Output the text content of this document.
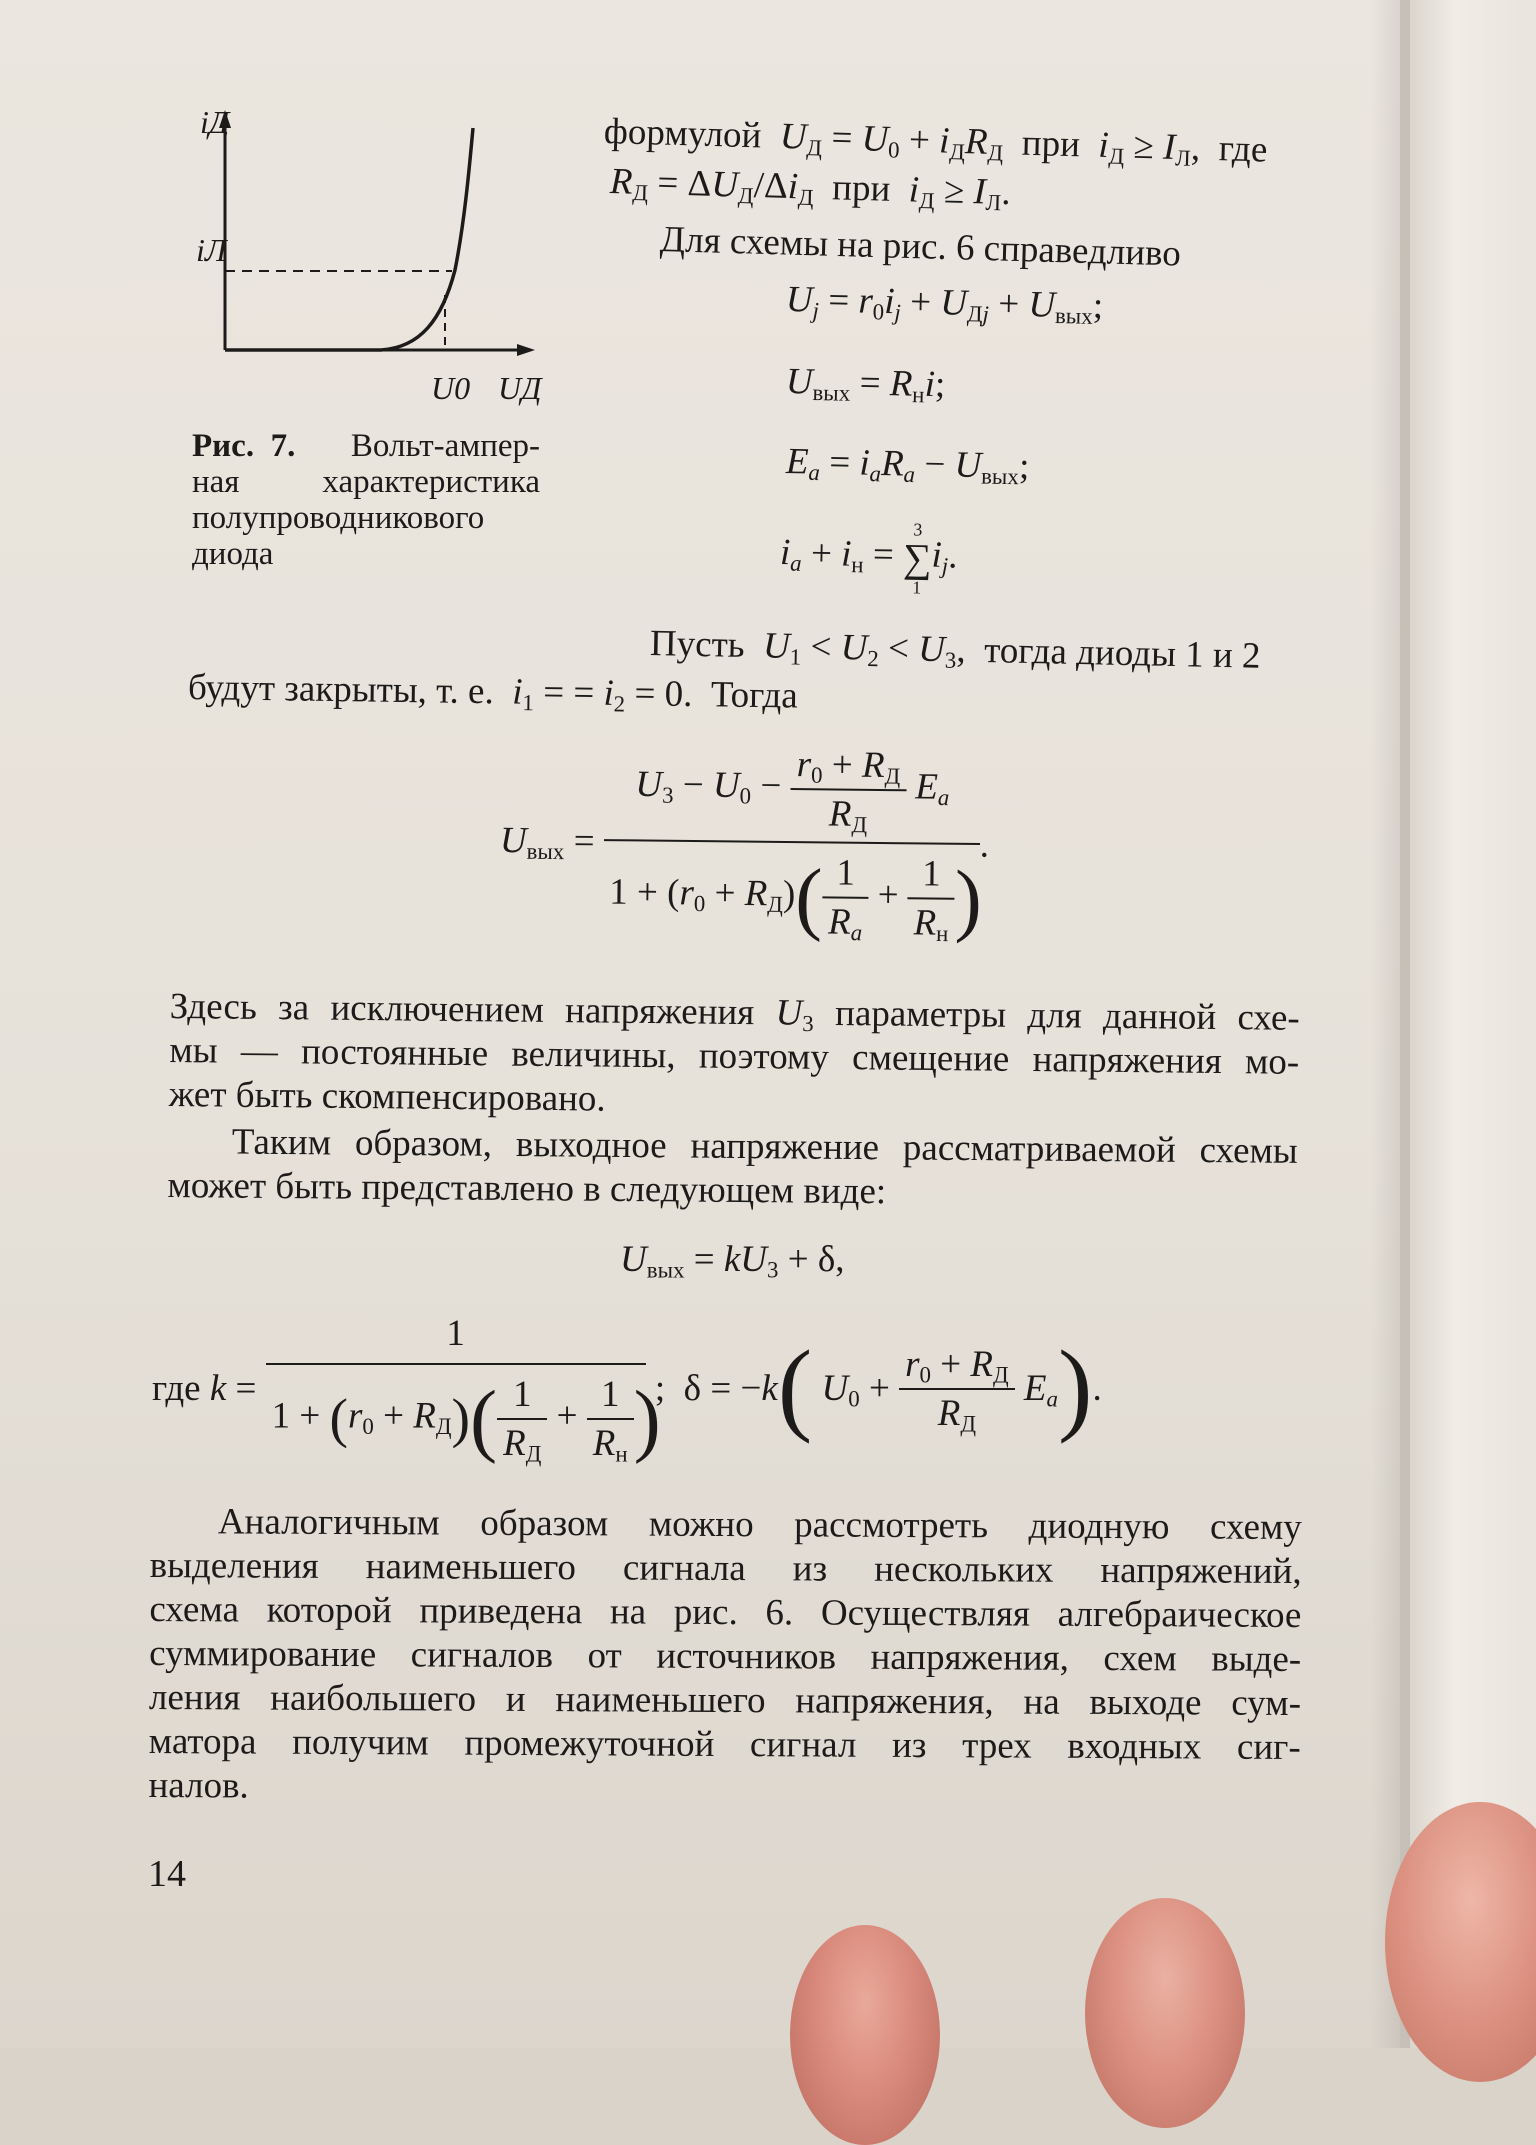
iД
iЛ
U0 UД
Рис. 7. Вольт-ампер-
ная	характеристика
полупроводникового
диода
формулой $U_Д = U_0 + i_ДR_Д$ при $i_Д \ge I_Л$,  где
$R_Д = \Delta U_Д/\Delta i_Д$ при $i_Д \ge I_Л$.
Для схемы на рис. 6 справедливо
$U_j = r_0i_j + U_{Дj} + U_{вых}$;
$U_{вых} = R_нi$;
$E_a = i_aR_a - U_{вых}$;
$i_a + i_н$ =
3
∑
1
$i_j$.
Пусть $U_1 < U_2 < U_3$,  тогда диоды 1 и 2
будут закрыты, т. е. $i_1$ = = $i_2 = 0$.  Тогда
$U_{вых}$ =
$\frac{U_3 - U_0 - \frac{r_0 + R_Д}{R_Д} E_a}{1 + (r_0 + R_Д)( \frac{1}{R_a} + \frac{1}{R_н} )}$
.
Здесь за исключением напряжения $U_3$ параметры для данной схе-
мы — постоянные величины, поэтому смещение напряжения мо-
жет быть скомпенсировано.
Таким образом, выходное напряжение рассматриваемой схемы
может быть представлено в следующем виде:
$U_{вых} = kU_3 + \delta$,
где $k = \frac{1}{1 + (r_0 + R_Д)( \frac{1}{R_Д} + \frac{1}{R_н} )}$ ;  δ = −k( $U_0 + \frac{r_0 + R_Д}{R_Д} E_a$).
Аналогичным образом можно рассмотреть диодную схему
выделения наименьшего сигнала из нескольких напряжений,
схема которой приведена на рис. 6. Осуществляя алгебраическое
суммирование сигналов от источников напряжения, схем выде-
ления наибольшего и наименьшего напряжения, на выходе сум-
матора получим промежуточной сигнал из трех входных сиг-
налов.
14
